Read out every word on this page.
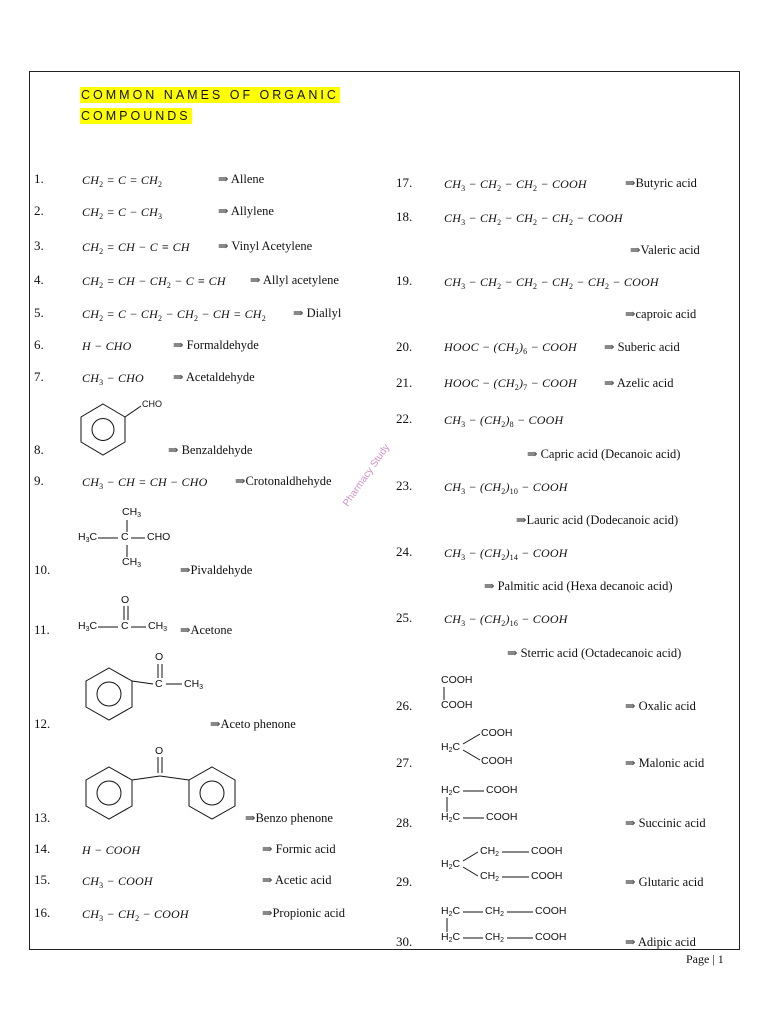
COMMON NAMES OF ORGANIC
COMPOUNDS
1.	$CH_2 = C = CH_2$	⇒ Allene
2.	$CH_2 = C - CH_3$	⇒ Allylene
3.	$CH_2$ = CH − C ≡ CH ⇒ Vinyl Acetylene
4.	$CH_2$ = CH − $CH_2 - C$ ≡ CH ⇒ Allyl acetylene
5.	$CH_2 = C - CH_2 - CH_2$ − CH = $CH_2$ ⇒ Diallyl
6.	H − CHO	⇒ Formaldehyde
7.	$CH_3$ − CHO ⇒ Acetaldehyde
CHO
8.	⇒ Benzaldehyde
9.	$CH_3$ − CH = CH − CHO ⇒Crotonaldhehyde
$CH_3$
$H_3C$ C CHO
$CH_3$
10.	⇒Pivaldehyde
O
$H_3C$ C $CH_3$
11.	⇒Acetone
O
C $CH_3$
12.	⇒Aceto phenone
O
13.	⇒Benzo phenone
14.	H − COOH	⇒ Formic acid
15.	$CH_3$ − COOH	⇒ Acetic acid
16.	$CH_3 - CH_2$ − COOH	⇒Propionic acid
17.	$CH_3 - CH_2 - CH_2$ − COOH	⇒Butyric acid
18.	$CH_3 - CH_2 - CH_2 - CH_2$ − COOH
⇒Valeric acid
19.	$CH_3 - CH_2 - CH_2 - CH_2 - CH_2$ − COOH
⇒caproic acid
20.	HOOC − $(CH_2)_6$ − COOH ⇒ Suberic acid
21.	HOOC − $(CH_2)_7$ − COOH ⇒ Azelic acid
22.	$CH_3 - (CH_2)_8$ − COOH
⇒ Capric acid (Decanoic acid)
23.	$CH_3 - (CH_2)_{10}$ − COOH
⇒Lauric acid (Dodecanoic acid)
24.	$CH_3 - (CH_2)_{14}$ − COOH
⇒ Palmitic acid (Hexa decanoic acid)
25.	$CH_3 - (CH_2)_{16}$ − COOH
⇒ Sterric acid (Octadecanoic acid)
COOH
COOH
26.	⇒ Oxalic acid
COOH
$H_2C$
COOH
27.	⇒ Malonic acid
$H_2C$ COOH
$H_2C$ COOH
28.	⇒ Succinic acid
$CH_2$	COOH
$H_2C$
$CH_2$	COOH
29.	⇒ Glutaric acid
$H_2C$ $CH_2$	COOH
$H_2C$ $CH_2$	COOH
30.	⇒ Adipic acid
Pharmacy Study
Page | 1
